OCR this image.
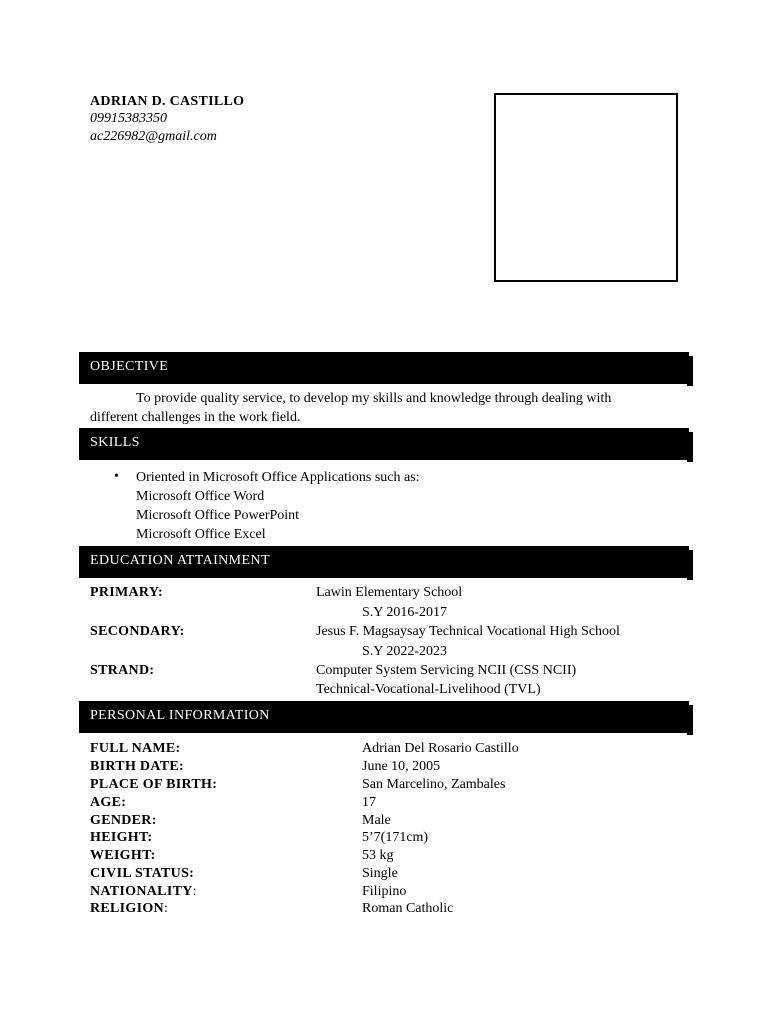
ADRIAN D. CASTILLO
09915383350
ac226982@gmail.com
OBJECTIVE
To provide quality service, to develop my skills and knowledge through dealing with
different challenges in the work field.
SKILLS
• Oriented in Microsoft Office Applications such as:
Microsoft Office Word
Microsoft Office PowerPoint
Microsoft Office Excel
EDUCATION ATTAINMENT
PRIMARY:	Lawin Elementary School
S.Y 2016-2017
SECONDARY:	Jesus F. Magsaysay Technical Vocational High School
S.Y 2022-2023
STRAND:	Computer System Servicing NCII (CSS NCII)
Technical-Vocational-Livelihood (TVL)
PERSONAL INFORMATION
FULL NAME:	Adrian Del Rosario Castillo
BIRTH DATE:	June 10, 2005
PLACE OF BIRTH:	San Marcelino, Zambales
AGE:	17
GENDER:	Male
HEIGHT:	5’7(171cm)
WEIGHT:	53 kg
CIVIL STATUS:	Single
NATIONALITY:	Filipino
RELIGION:	Roman Catholic
